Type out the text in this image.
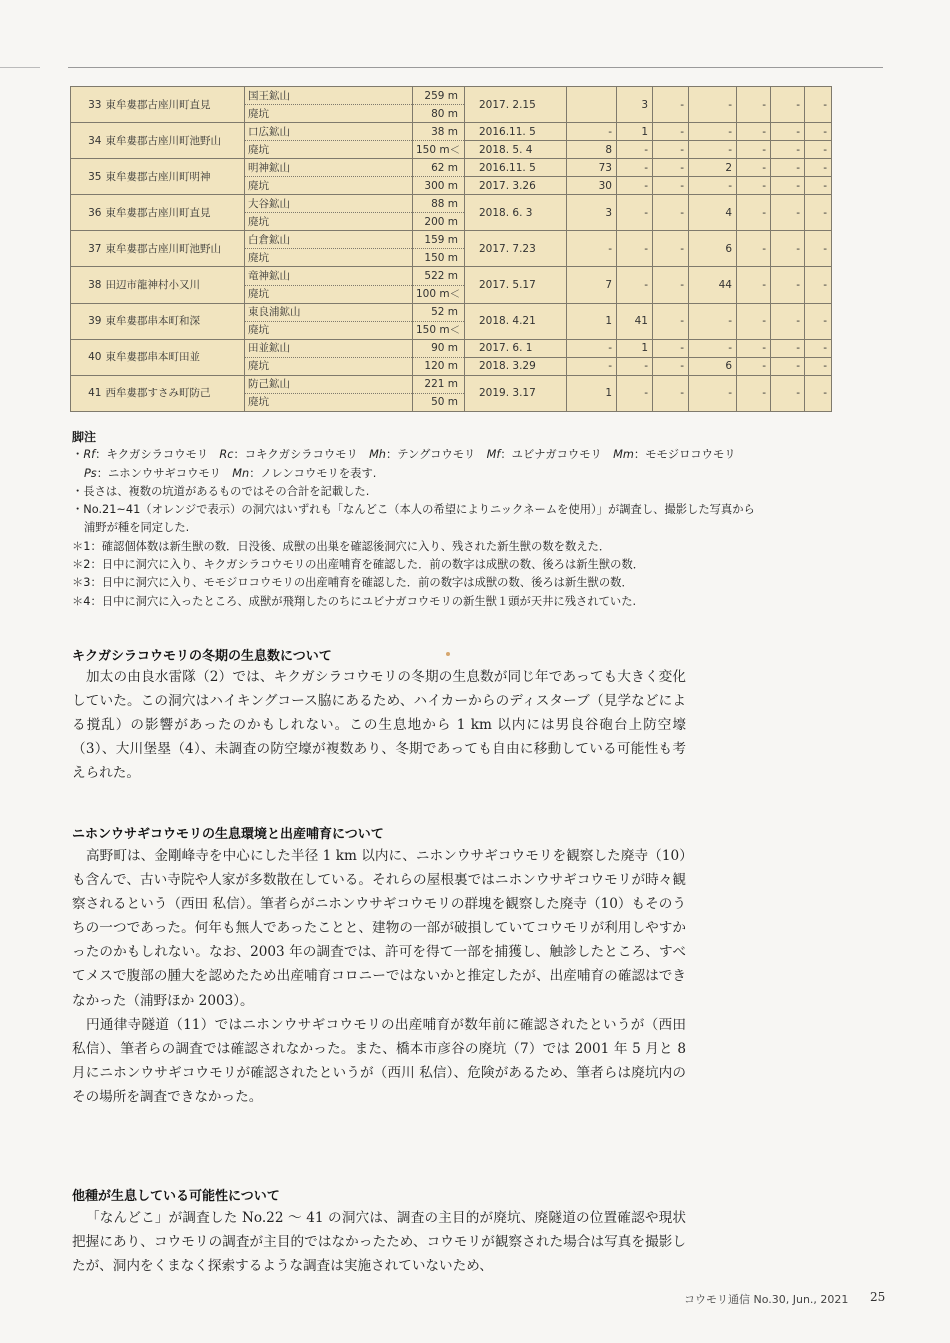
33	東牟婁郡古座川町直見	国王鉱山	259 m	2017. 2.15		3	-	-	-	-	-
		廃坑	80 m								
34	東牟婁郡古座川町池野山	口広鉱山	38 m	2016.11. 5	-	1	-	-	-	-	-
		廃坑	150 m＜	2018. 5. 4	8	-	-	-	-	-	-
35	東牟婁郡古座川町明神	明神鉱山	62 m	2016.11. 5	73	-	-	2	-	-	-
		廃坑	300 m	2017. 3.26	30	-	-	-	-	-	-
36	東牟婁郡古座川町直見	大谷鉱山	88 m	2018. 6. 3	3	-	-	4	-	-	-
		廃坑	200 m								
37	東牟婁郡古座川町池野山	白倉鉱山	159 m	2017. 7.23	-	-	-	6	-	-	-
		廃坑	150 m								
38	田辺市龍神村小又川	竜神鉱山	522 m	2017. 5.17	7	-	-	44	-	-	-
		廃坑	100 m＜								
39	東牟婁郡串本町和深	東良浦鉱山	52 m	2018. 4.21	1	41	-	-	-	-	-
		廃坑	150 m＜								
40	東牟婁郡串本町田並	田並鉱山	90 m	2017. 6. 1	-	1	-	-	-	-	-
		廃坑	120 m	2018. 3.29	-	-	-	6	-	-	-
41	西牟婁郡すさみ町防己	防己鉱山	221 m	2019. 3.17	1	-	-	-	-	-	-
		廃坑	50 m								
脚注
・Rf：キクガシラコウモリ　Rc：コキクガシラコウモリ　Mh：テングコウモリ　Mf：ユビナガコウモリ　Mm：モモジロコウモリ
Ps：ニホンウサギコウモリ　Mn：ノレンコウモリを表す.
・長さは、複数の坑道があるものではその合計を記載した.
・No.21~41（オレンジで表示）の洞穴はいずれも「なんどこ（本人の希望によりニックネームを使用）」が調査し、撮影した写真から
浦野が種を同定した.
＊1：確認個体数は新生獣の数．日没後、成獣の出巣を確認後洞穴に入り、残された新生獣の数を数えた．
＊2：日中に洞穴に入り、キクガシラコウモリの出産哺育を確認した．前の数字は成獣の数、後ろは新生獣の数．
＊3：日中に洞穴に入り、モモジロコウモリの出産哺育を確認した．前の数字は成獣の数、後ろは新生獣の数．
＊4：日中に洞穴に入ったところ、成獣が飛翔したのちにユビナガコウモリの新生獣１頭が天井に残されていた.
キクガシラコウモリの冬期の生息数について

加太の由良水雷隊（2）では、キクガシラコウモリの冬期の生息数が同じ年であっても大きく変化していた。この洞穴はハイキングコース脇にあるため、ハイカーからのディスターブ（見学などによる撹乱）の影響があったのかもしれない。この生息地から 1 km 以内には男良谷砲台上防空壕（3）、大川堡塁（4）、未調査の防空壕が複数あり、冬期であっても自由に移動している可能性も考えられた。

ニホンウサギコウモリの生息環境と出産哺育について

高野町は、金剛峰寺を中心にした半径 1 km 以内に、ニホンウサギコウモリを観察した廃寺（10）も含んで、古い寺院や人家が多数散在している。それらの屋根裏ではニホンウサギコウモリが時々観察されるという（西田 私信）。筆者らがニホンウサギコウモリの群塊を観察した廃寺（10）もそのうちの一つであった。何年も無人であったことと、建物の一部が破損していてコウモリが利用しやすかったのかもしれない。なお、2003 年の調査では、許可を得て一部を捕獲し、触診したところ、すべてメスで腹部の腫大を認めたため出産哺育コロニーではないかと推定したが、出産哺育の確認はできなかった（浦野ほか 2003）。

円通律寺隧道（11）ではニホンウサギコウモリの出産哺育が数年前に確認されたというが（西田 私信）、筆者らの調査では確認されなかった。また、橋本市彦谷の廃坑（7）では 2001 年 5 月と 8 月にニホンウサギコウモリが確認されたというが（西川 私信）、危険があるため、筆者らは廃坑内のその場所を調査できなかった。

他種が生息している可能性について

「なんどこ」が調査した No.22 ～ 41 の洞穴は、調査の主目的が廃坑、廃隧道の位置確認や現状把握にあり、コウモリの調査が主目的ではなかったため、コウモリが観察された場合は写真を撮影したが、洞内をくまなく探索するような調査は実施されていないため、

コウモリ通信 No.30, Jun., 2021 25
